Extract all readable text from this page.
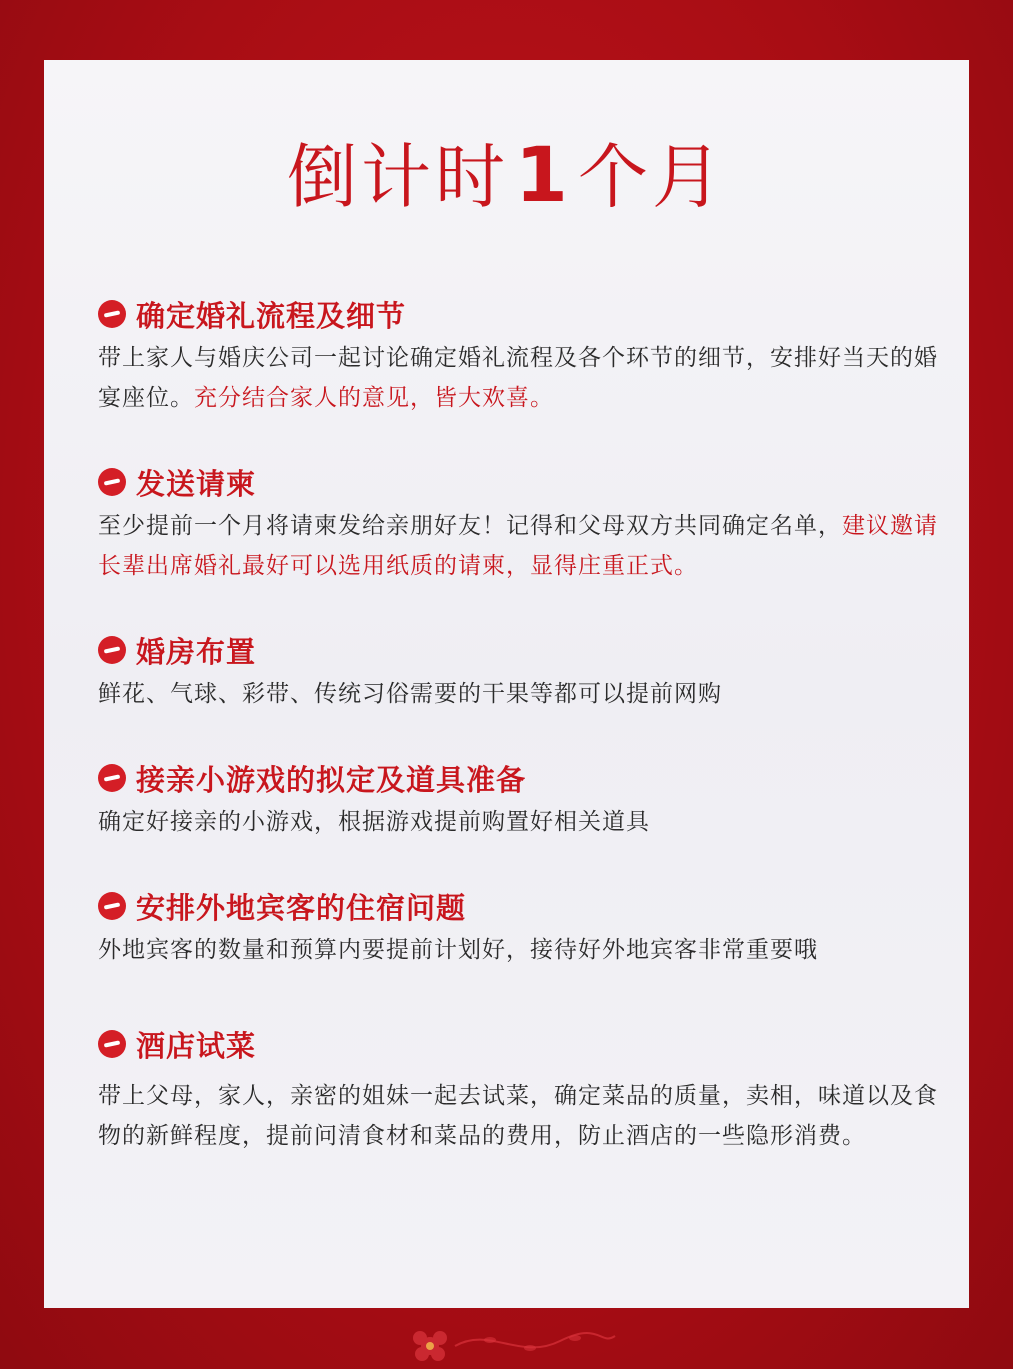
倒计时1个月
确定婚礼流程及细节

带上家人与婚庆公司一起讨论确定婚礼流程及各个环节的细节，安排好当天的婚宴座位。充分结合家人的意见，皆大欢喜。

发送请柬

至少提前一个月将请柬发给亲朋好友！记得和父母双方共同确定名单，建议邀请长辈出席婚礼最好可以选用纸质的请柬，显得庄重正式。

婚房布置

鲜花、气球、彩带、传统习俗需要的干果等都可以提前网购

接亲小游戏的拟定及道具准备

确定好接亲的小游戏，根据游戏提前购置好相关道具

安排外地宾客的住宿问题

外地宾客的数量和预算内要提前计划好，接待好外地宾客非常重要哦

酒店试菜

带上父母，家人，亲密的姐妹一起去试菜，确定菜品的质量，卖相，味道以及食物的新鲜程度，提前问清食材和菜品的费用，防止酒店的一些隐形消费。
